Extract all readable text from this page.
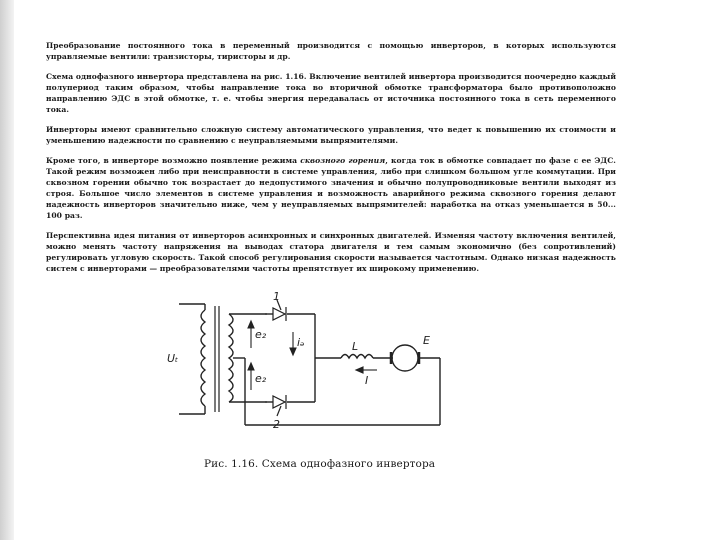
Преобразование постоянного тока в переменный производится с помощью инверторов, в которых используются управляемые вентили: транзисторы, тиристоры и др.

Схема однофазного инвертора представлена на рис. 1.16. Включение вентилей инвертора производится поочередно каждый полупериод таким образом, чтобы направление тока во вторичной обмотке трансформатора было противоположно направлению ЭДС в этой обмотке, т. е. чтобы энергия передавалась от источника постоянного тока в сеть переменного тока.

Инверторы имеют сравнительно сложную систему автоматического управления, что ведет к повышению их стоимости и уменьшению надежности по сравнению с неуправляемыми выпрямителями.

Кроме того, в инверторе возможно появление режима сквозного горения, когда ток в обмотке совпадает по фазе с ее ЭДС. Такой режим возможен либо при неисправности в системе управления, либо при слишком большом угле коммутации. При сквозном горении обычно ток возрастает до недопустимого значения и обычно полупроводниковые вентили выходят из строя. Большое число элементов в системе управления и возможность аварийного режима сквозного горения делают надежность инверторов значительно ниже, чем у неуправляемых выпрямителей: наработка на отказ уменьшается в 50... 100 раз.

Перспективна идея питания от инверторов асинхронных и синхронных двигателей. Изменяя частоту включения вентилей, можно менять частоту напряжения на выводах статора двигателя и тем самым экономично (без сопротивлений) регулировать угловую скорость. Такой способ регулирования скорости называется частотным. Однако низкая надежность систем с инверторами — преобразователями частоты препятствует их широкому применению.

Uₜ
e₂
iₔ
e₂
L
I
E
1
2
Рис. 1.16. Схема однофазного инвертора
